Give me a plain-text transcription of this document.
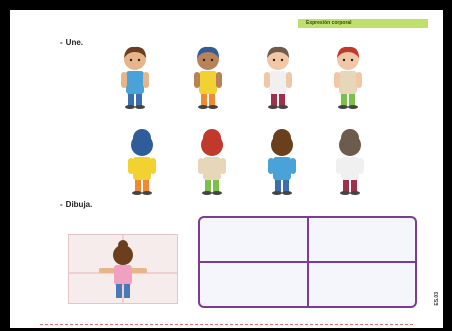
Expresión corporal
- Une.
- Dibuja.
ES.03
